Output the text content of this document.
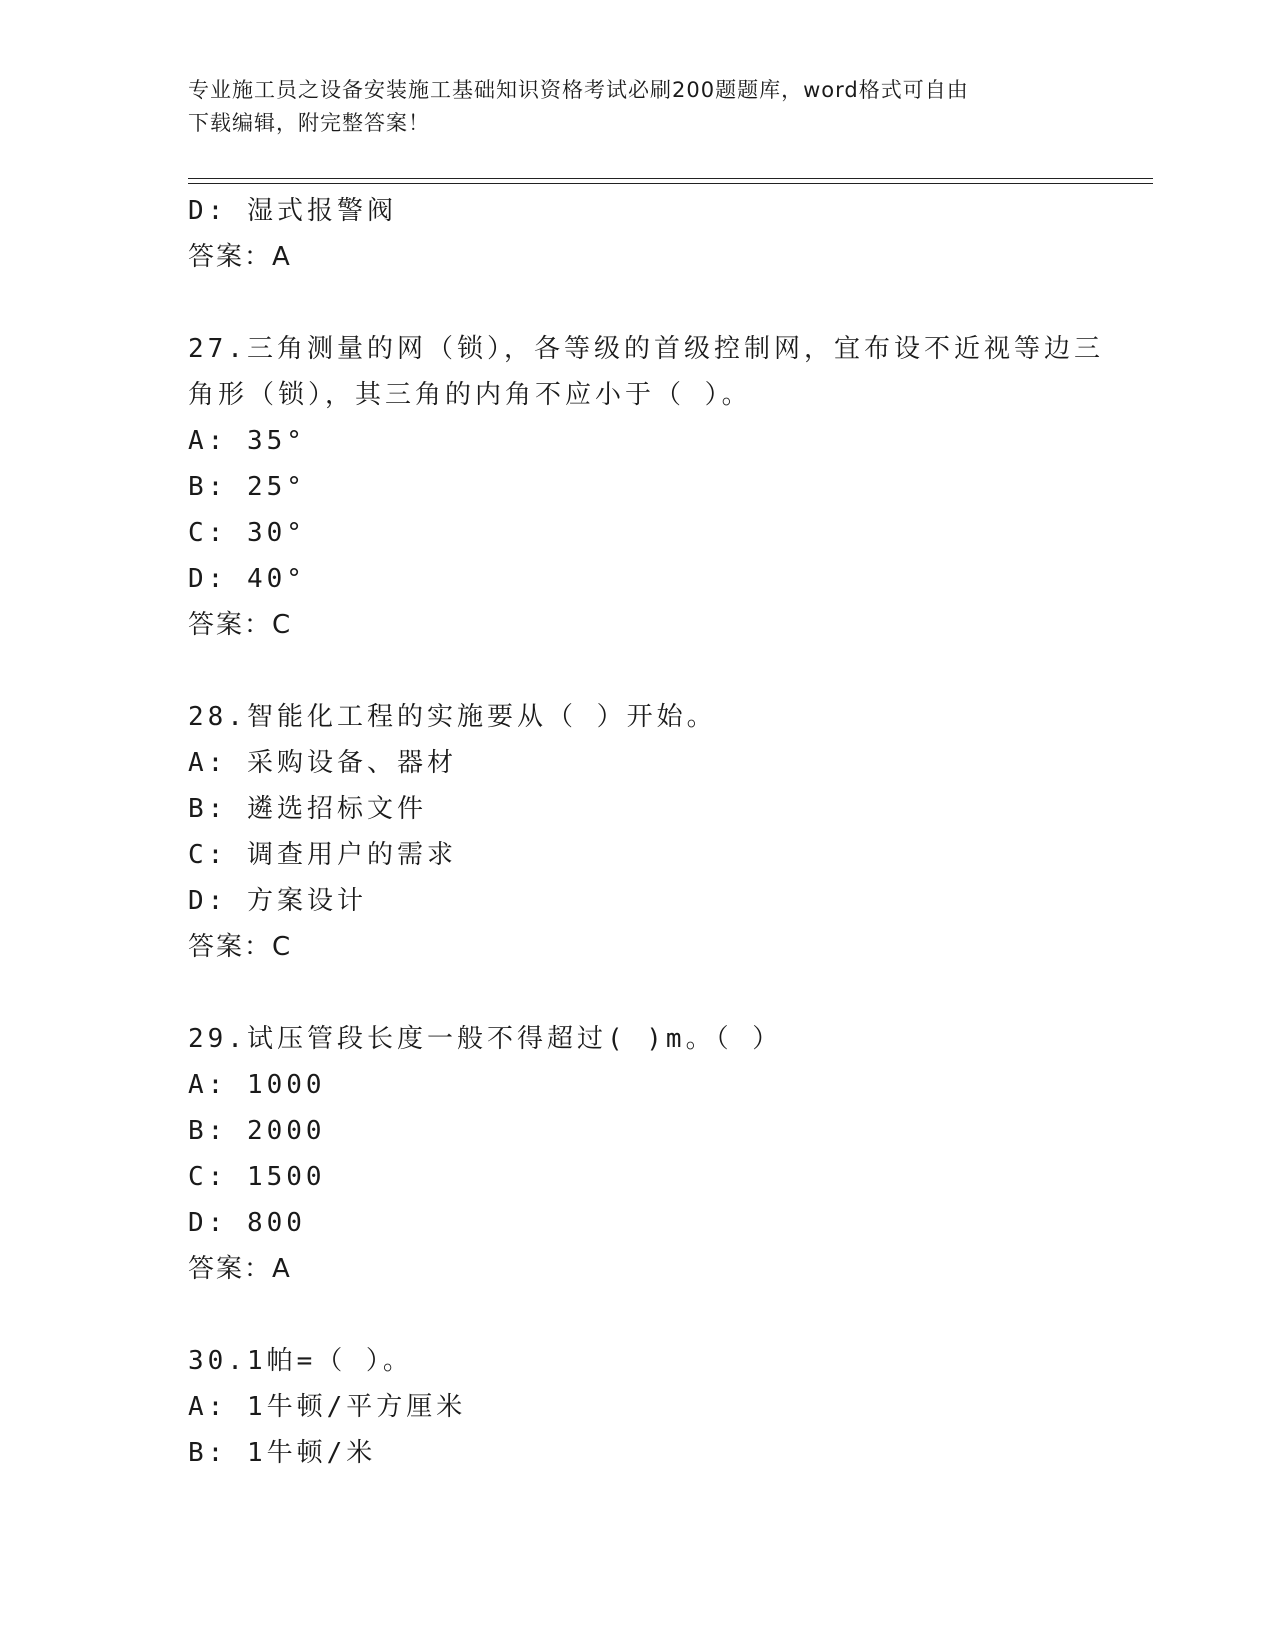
专业施工员之设备安装施工基础知识资格考试必刷200题题库，word格式可自由
下载编辑，附完整答案！
D: 湿式报警阀
答案：A
27.三角测量的网（锁），各等级的首级控制网，宜布设不近视等边三
角形（锁），其三角的内角不应小于（ ）。
A: 35°
B: 25°
C: 30°
D: 40°
答案：C
28.智能化工程的实施要从（ ）开始。
A: 采购设备、器材
B: 遴选招标文件
C: 调查用户的需求
D: 方案设计
答案：C
29.试压管段长度一般不得超过( )m。（ ）
A: 1000
B: 2000
C: 1500
D: 800
答案：A
30.1帕=（ ）。
A: 1牛顿/平方厘米
B: 1牛顿/米
